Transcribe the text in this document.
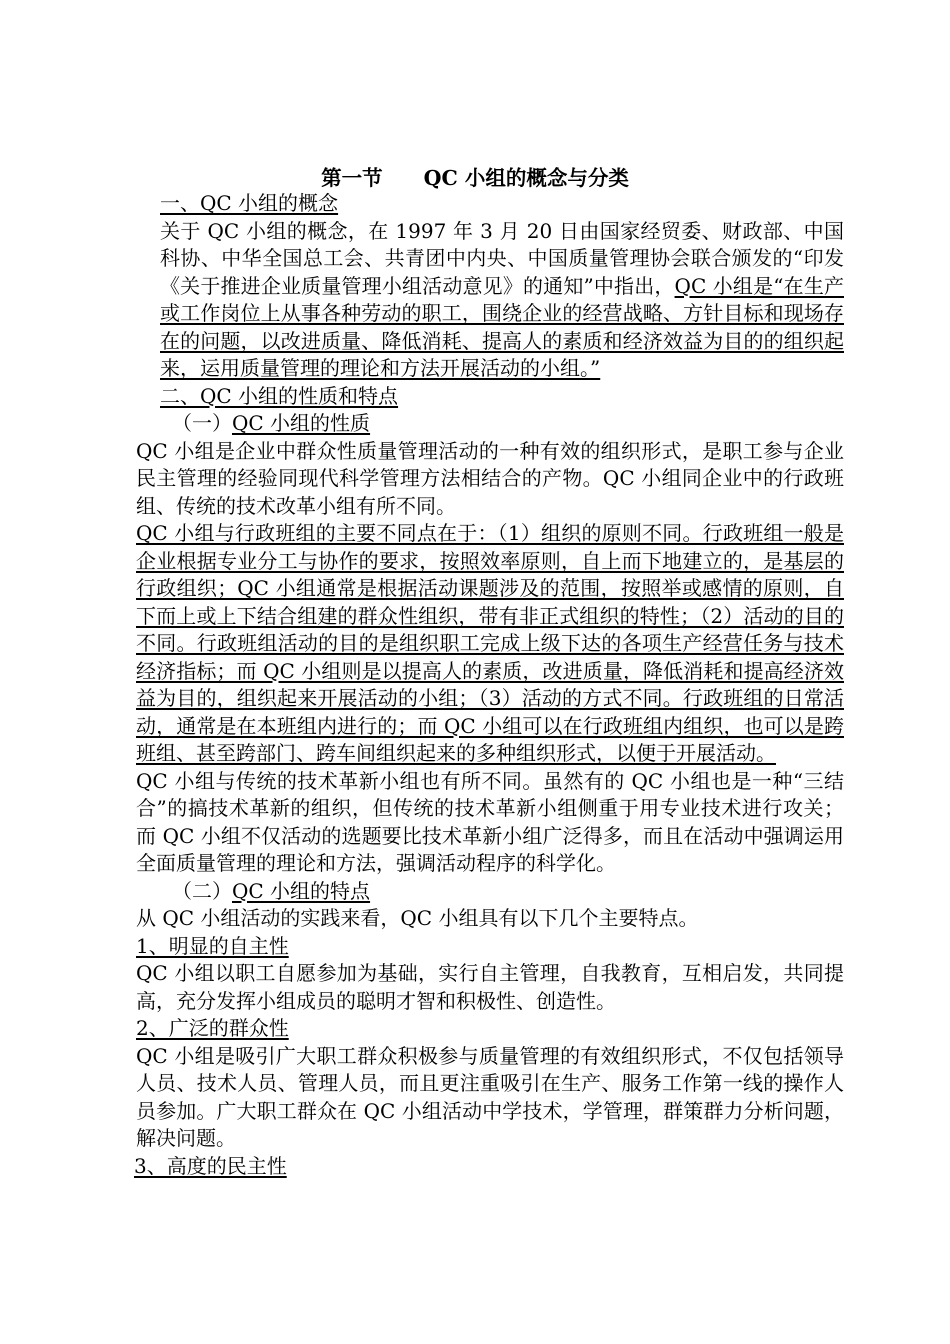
第一节　　QC 小组的概念与分类

一、QC 小组的概念

关于 QC 小组的概念，在 1997 年 3 月 20 日由国家经贸委、财政部、中国科协、中华全国总工会、共青团中内央、中国质量管理协会联合颁发的“印发《关于推进企业质量管理小组活动意见》的通知”中指出，QC 小组是“在生产或工作岗位上从事各种劳动的职工，围绕企业的经营战略、方针目标和现场存在的问题，以改进质量、降低消耗、提高人的素质和经济效益为目的的组织起来，运用质量管理的理论和方法开展活动的小组。”

二、QC 小组的性质和特点

（一）QC 小组的性质

QC 小组是企业中群众性质量管理活动的一种有效的组织形式，是职工参与企业民主管理的经验同现代科学管理方法相结合的产物。QC 小组同企业中的行政班组、传统的技术改革小组有所不同。

QC 小组与行政班组的主要不同点在于：（1）组织的原则不同。行政班组一般是企业根据专业分工与协作的要求，按照效率原则，自上而下地建立的，是基层的行政组织；QC 小组通常是根据活动课题涉及的范围，按照举或感情的原则，自下而上或上下结合组建的群众性组织，带有非正式组织的特性；（2）活动的目的不同。行政班组活动的目的是组织职工完成上级下达的各项生产经营任务与技术经济指标；而 QC 小组则是以提高人的素质，改进质量，降低消耗和提高经济效益为目的，组织起来开展活动的小组；（3）活动的方式不同。行政班组的日常活动，通常是在本班组内进行的；而 QC 小组可以在行政班组内组织，也可以是跨班组、甚至跨部门、跨车间组织起来的多种组织形式，以便于开展活动。

QC 小组与传统的技术革新小组也有所不同。虽然有的 QC 小组也是一种“三结合”的搞技术革新的组织，但传统的技术革新小组侧重于用专业技术进行攻关；而 QC 小组不仅活动的选题要比技术革新小组广泛得多，而且在活动中强调运用全面质量管理的理论和方法，强调活动程序的科学化。

（二）QC 小组的特点

从 QC 小组活动的实践来看，QC 小组具有以下几个主要特点。

1、明显的自主性

QC 小组以职工自愿参加为基础，实行自主管理，自我教育，互相启发，共同提高，充分发挥小组成员的聪明才智和积极性、创造性。

2、广泛的群众性

QC 小组是吸引广大职工群众积极参与质量管理的有效组织形式，不仅包括领导人员、技术人员、管理人员，而且更注重吸引在生产、服务工作第一线的操作人员参加。广大职工群众在 QC 小组活动中学技术，学管理，群策群力分析问题，解决问题。

3、高度的民主性
